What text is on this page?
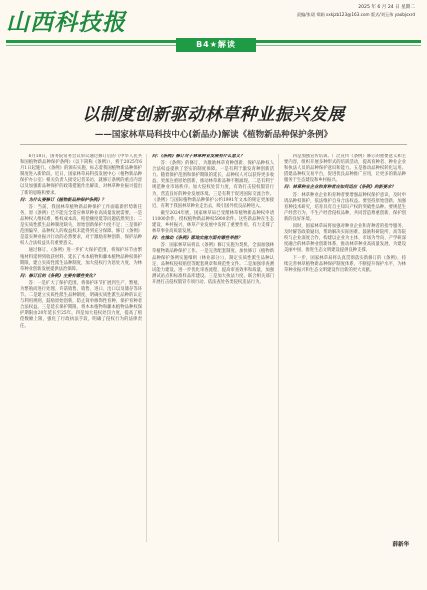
山西科技报
2025 年 6 月 24 日 星期二
责编/张珺 郑娟 sxkjzb123@163.com 版式/刘玉伟 yaobjsxrd
B4★解读
以制度创新驱动林草种业振兴发展
——国家林草局科技中心(新品办)解读《植物新品种保护条例》

6月18日，国务院常务会议审议通过修订后的《中华人民共和国植物新品种保护条例》（以下简称《条例》），将于2025年6月1日起施行。《条例》的颁布实施，标志着我国植物新品种保护制度进入新阶段。近日，国家林草局科技发展中心（植物新品种保护办公室）相关负责人接受记者采访，就修订条例的重点内容以及加强新品种保护的政策措施作出解读，对林草种业振兴提出了新的思路和要求。

问：为什么要修订《植物新品种保护条例》？

答：当前，我国林草植物新品种保护工作面临新形势新任务，原《条例》已不能完全适应林草种业高质量发展需要。一是品种权人维权难、维权成本高、赔偿额度低等问题依然突出；二是实质性派生品种制度缺失，原始创新保护力度不足；三是保护范围偏窄，品种权人的收益权未能得到充分保障。修订《条例》是落实种业振兴行动的必然要求，对于激励育种创新、保护品种权人合法权益具有重要意义。

通过修订，《条例》进一步扩大保护范围，将保护环节由繁殖材料延伸到收获材料，延长了木本植物和藤本植物品种权保护期限，建立实质性派生品种制度，加大侵权行为惩处力度，为林草种业创新发展提供法治保障。

问：修订后的《条例》主要有哪些变化？

答：一是扩大了保护范围，将保护环节扩展到生产、繁殖、为繁殖而进行处理、许诺销售、销售、进口、出口以及储存等环节。二是建立实质性派生品种制度，明确实质性派生品种的认定与利用规则，鼓励原始创新，防止简单修饰性育种，保护育种者合法权益。三是延长保护期限，将木本植物和藤本植物品种权保护期限由20年延长至25年。四是加大侵权处罚力度，提高了赔偿数额上限，强化了行政执法手段，明确了侵权行为的法律责任。

问：《条例》修订对于林草种业发展有什么意义？

答：《条例》的修订，为激励林草育种创新、保护品种权人合法权益提供了坚实的制度保障。一是有利于激发育种创新活力。随着保护范围和保护期限的延长，品种权人可以获得更多收益，更加注重原始创新，推动林草新品种不断涌现。二是有利于规范种业市场秩序。加大侵权处罚力度，有效打击侵权假冒行为，营造良好的种业发展环境。三是有利于促进国际交流合作。《条例》与国际植物新品种保护公约1991年文本的规定更加接近，有利于我国林草种业走出去，吸引国外优良品种进入。

截至2024年底，国家林草局已受理林草植物新品种权申请11000余件，授权植物新品种权5900余件。这些新品种在生态建设、乡村振兴、林草产业发展中发挥了重要作用，有力支撑了林草事业高质量发展。

问：在推动《条例》落地实施方面有哪些举措？

答：国家林草局将以《条例》修订实施为契机，全面加强林草植物新品种保护工作。一是完善配套制度。加快修订《植物新品种保护条例实施细则（林业部分）》，制定实质性派生品种认定、品种权侵权赔偿等配套规章和规范性文件。二是加强审查测试能力建设。进一步优化审查流程，提高审查效率和质量，加强测试站点和标准样品库建设。三是加大执法力度，联合相关部门开展打击侵权假冒专项行动，依法查处各类侵权违法行为。

四是加强宣传培训。广泛宣传《条例》修订的重要意义和主要内容，组织开展多种形式的培训活动，提高育种者、种业企业和执法人员的品种保护意识和能力。五是推动品种权转化运用。搭建品种权交易平台，促进优良品种推广应用，让更多的新品种服务于生态建设和乡村振兴。

问：林草种业企业和育种者应如何适应《条例》的新要求？

答：林草种业企业和育种者要增强品种权保护意识，及时申请品种权保护，依法维护自身合法权益。要坚持原始创新，加强育种技术研究，培育具有自主知识产权的突破性品种。要规范生产经营行为，不生产经营侵权品种，共同营造尊重创新、保护创新的良好环境。

同时，国家林草局将加强对种业企业和育种者的指导服务，及时解答政策疑问，帮助解决实际困难。鼓励科研院所、高等院校与企业深度合作，构建以企业为主体、市场为导向、产学研深度融合的林草种业创新体系，推动林草种业高质量发展，为建设美丽中国、推进生态文明建设提供良种支撑。

下一步，国家林草局将认真贯彻落实新修订的《条例》，持续完善林草植物新品种保护制度体系，不断提升保护水平，为林草种业振兴和生态文明建设作出新的更大贡献。

薛新华
